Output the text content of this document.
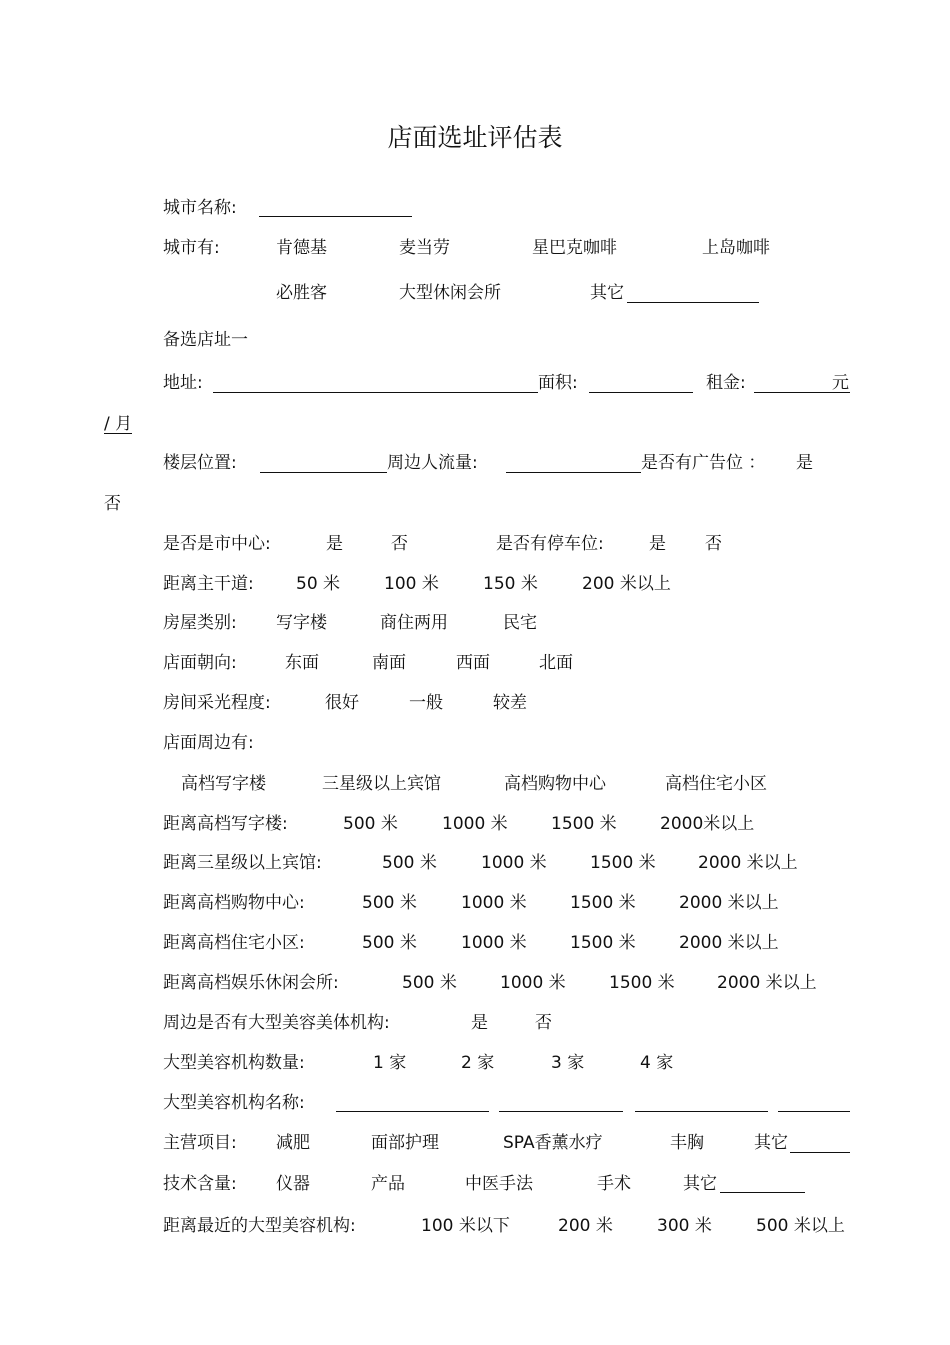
店面选址评估表
城市名称:
城市有:	肯德基	麦当劳	星巴克咖啡	上岛咖啡
必胜客	大型休闲会所	其它
备选店址一
地址:	面积:	租金:	元
/ 月
楼层位置:	周边人流量:	是否有广告位 ： 是
否
是否是市中心:	是	否	是否有停车位:	是 否
距离主干道: 50 米	100 米	150 米	200 米以上
房屋类别: 写字楼	商住两用	民宅
店面朝向:	东面	南面	西面	北面
房间采光程度:	很好	一般	较差
店面周边有:
高档写字楼	三星级以上宾馆	高档购物中心	高档住宅小区
距离高档写字楼:	500 米	1000 米	1500 米	2000米以上
距离三星级以上宾馆:	500 米	1000 米	1500 米 2000 米以上
距离高档购物中心:	500 米	1000 米	1500 米	2000 米以上
距离高档住宅小区:	500 米	1000 米	1500 米	2000 米以上
距离高档娱乐休闲会所:	500 米	1000 米	1500 米 2000 米以上
周边是否有大型美容美体机构:	是	否
大型美容机构数量:	1 家	2 家	3 家	4 家
大型美容机构名称:
主营项目: 减肥	面部护理	SPA香薰水疗	丰胸	其它
技术含量: 仪器	产品	中医手法	手术	其它
距离最近的大型美容机构:	100 米以下	200 米	300 米	500 米以上
